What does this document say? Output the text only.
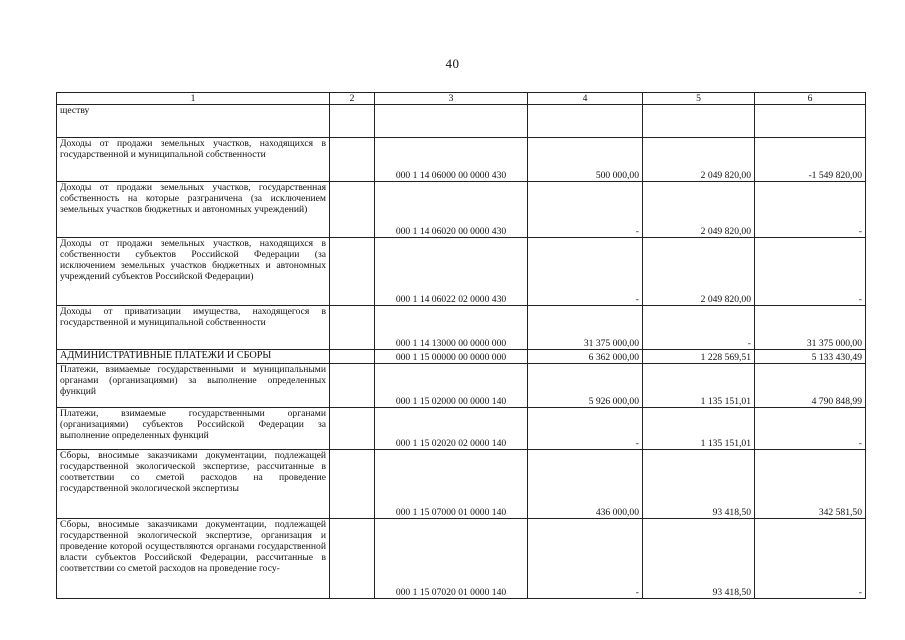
40
1	2	3	4	5	6
ществу					
Доходы от продажи земельных участков, находящихся в государственной и муниципальной собственности		000 1 14 06000 00 0000 430	500 000,00	2 049 820,00	-1 549 820,00
Доходы от продажи земельных участков, государственная собственность на которые разграничена (за исключением земельных участков бюджетных и автономных учреждений)		000 1 14 06020 00 0000 430	-	2 049 820,00	-
Доходы от продажи земельных участков, находящихся в собственности субъектов Российской Федерации (за исключением земельных участков бюджетных и автономных учреждений субъектов Российской Федерации)		000 1 14 06022 02 0000 430	-	2 049 820,00	-
Доходы от приватизации имущества, находящегося в государственной и муниципальной собственности		000 1 14 13000 00 0000 000	31 375 000,00	-	31 375 000,00
АДМИНИСТРАТИВНЫЕ ПЛАТЕЖИ И СБОРЫ		000 1 15 00000 00 0000 000	6 362 000,00	1 228 569,51	5 133 430,49
Платежи, взимаемые государственными и муниципальными органами (организациями) за выполнение определенных функций		000 1 15 02000 00 0000 140	5 926 000,00	1 135 151,01	4 790 848,99
Платежи, взимаемые государственными органами (организациями) субъектов Российской Федерации за выполнение определенных функций		000 1 15 02020 02 0000 140	-	1 135 151,01	-
Сборы, вносимые заказчиками документации, подлежащей государственной экологической экспертизе, рассчитанные в соответствии со сметой расходов на проведение государственной экологической экспертизы		000 1 15 07000 01 0000 140	436 000,00	93 418,50	342 581,50
Сборы, вносимые заказчиками документации, подлежащей государственной экологической экспертизе, организация и проведение которой осуществляются органами государственной власти субъектов Российской Федерации, рассчитанные в соответствии со сметой расходов на проведение госу-		000 1 15 07020 01 0000 140	-	93 418,50	-
